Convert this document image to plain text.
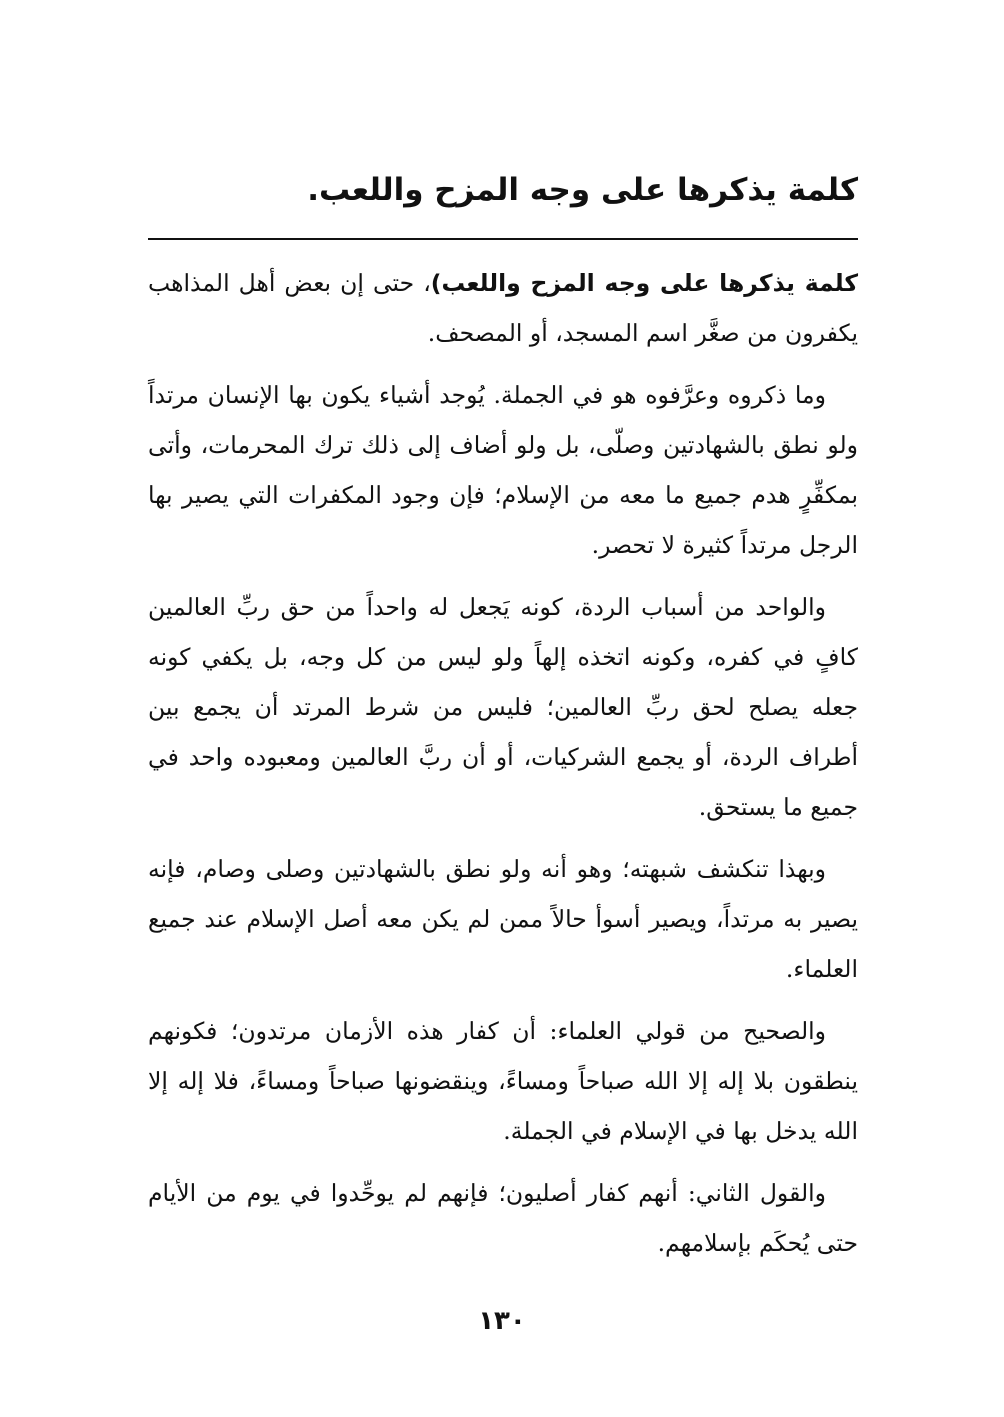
كلمة يذكرها على وجه المزح واللعب.

كلمة يذكرها على وجه المزح واللعب)، حتى إن بعض أهل المذاهب يكفرون من صغَّر اسم المسجد، أو المصحف.

وما ذكروه وعرَّفوه هو في الجملة. يُوجد أشياء يكون بها الإنسان مرتداً ولو نطق بالشهادتين وصلّى، بل ولو أضاف إلى ذلك ترك المحرمات، وأتى بمكفِّرٍ هدم جميع ما معه من الإسلام؛ فإن وجود المكفرات التي يصير بها الرجل مرتداً كثيرة لا تحصر.

والواحد من أسباب الردة، كونه يَجعل له واحداً من حق ربِّ العالمين كافٍ في كفره، وكونه اتخذه إلهاً ولو ليس من كل وجه، بل يكفي كونه جعله يصلح لحق ربِّ العالمين؛ فليس من شرط المرتد أن يجمع بين أطراف الردة، أو يجمع الشركيات، أو أن ربَّ العالمين ومعبوده واحد في جميع ما يستحق.

وبهذا تنكشف شبهته؛ وهو أنه ولو نطق بالشهادتين وصلى وصام، فإنه يصير به مرتداً، ويصير أسوأ حالاً ممن لم يكن معه أصل الإسلام عند جميع العلماء.

والصحيح من قولي العلماء: أن كفار هذه الأزمان مرتدون؛ فكونهم ينطقون بلا إله إلا الله صباحاً ومساءً، وينقضونها صباحاً ومساءً، فلا إله إلا الله يدخل بها في الإسلام في الجملة.

والقول الثاني: أنهم كفار أصليون؛ فإنهم لم يوحِّدوا في يوم من الأيام حتى يُحكَم بإسلامهم.

١٣٠
